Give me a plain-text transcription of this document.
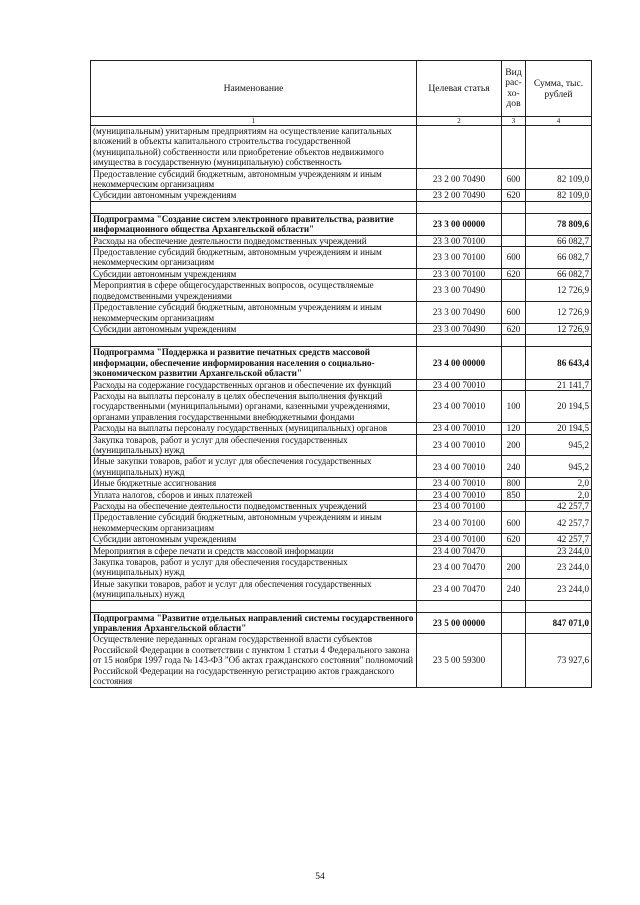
Наименование	Целевая статья	Вид рас-хо-дов	Сумма, тыс. рублей
1	2	3	4
(муниципальным) унитарным предприятиям на осуществление капитальных вложений в объекты капитального строительства государственной (муниципальной) собственности или приобретение объектов недвижимого имущества в государственную (муниципальную) собственность			
Предоставление субсидий бюджетным, автономным учреждениям и иным некоммерческим организациям	23 2 00 70490	600	82 109,0
Субсидии автономным учреждениям	23 2 00 70490	620	82 109,0

Подпрограмма "Создание систем электронного правительства, развитие информационного общества Архангельской области"	23 3 00 00000		78 809,6
Расходы на обеспечение деятельности подведомственных учреждений	23 3 00 70100		66 082,7
Предоставление субсидий бюджетным, автономным учреждениям и иным некоммерческим организациям	23 3 00 70100	600	66 082,7
Субсидии автономным учреждениям	23 3 00 70100	620	66 082,7
Мероприятия в сфере общегосударственных вопросов, осуществляемые подведомственными учреждениями	23 3 00 70490		12 726,9
Предоставление субсидий бюджетным, автономным учреждениям и иным некоммерческим организациям	23 3 00 70490	600	12 726,9
Субсидии автономным учреждениям	23 3 00 70490	620	12 726,9

Подпрограмма "Поддержка и развитие печатных средств массовой информации, обеспечение информирования населения о социально-экономическом развитии Архангельской области"	23 4 00 00000		86 643,4
Расходы на содержание государственных органов и обеспечение их функций	23 4 00 70010		21 141,7
Расходы на выплаты персоналу в целях обеспечения выполнения функций государственными (муниципальными) органами, казенными учреждениями, органами управления государственными внебюджетными фондами	23 4 00 70010	100	20 194,5
Расходы на выплаты персоналу государственных (муниципальных) органов	23 4 00 70010	120	20 194,5
Закупка товаров, работ и услуг для обеспечения государственных (муниципальных) нужд	23 4 00 70010	200	945,2
Иные закупки товаров, работ и услуг для обеспечения государственных (муниципальных) нужд	23 4 00 70010	240	945,2
Иные бюджетные ассигнования	23 4 00 70010	800	2,0
Уплата налогов, сборов и иных платежей	23 4 00 70010	850	2,0
Расходы на обеспечение деятельности подведомственных учреждений	23 4 00 70100		42 257,7
Предоставление субсидий бюджетным, автономным учреждениям и иным некоммерческим организациям	23 4 00 70100	600	42 257,7
Субсидии автономным учреждениям	23 4 00 70100	620	42 257,7
Мероприятия в сфере печати и средств массовой информации	23 4 00 70470		23 244,0
Закупка товаров, работ и услуг для обеспечения государственных (муниципальных) нужд	23 4 00 70470	200	23 244,0
Иные закупки товаров, работ и услуг для обеспечения государственных (муниципальных) нужд	23 4 00 70470	240	23 244,0

Подпрограмма "Развитие отдельных направлений системы государственного управления Архангельской области"	23 5 00 00000		847 071,0
Осуществление переданных органам государственной власти субъектов Российской Федерации в соответствии с пунктом 1 статьи 4 Федерального закона от 15 ноября 1997 года № 143-ФЗ "Об актах гражданского состояния" полномочий Российской Федерации на государственную регистрацию актов гражданского состояния	23 5 00 59300		73 927,6
54
